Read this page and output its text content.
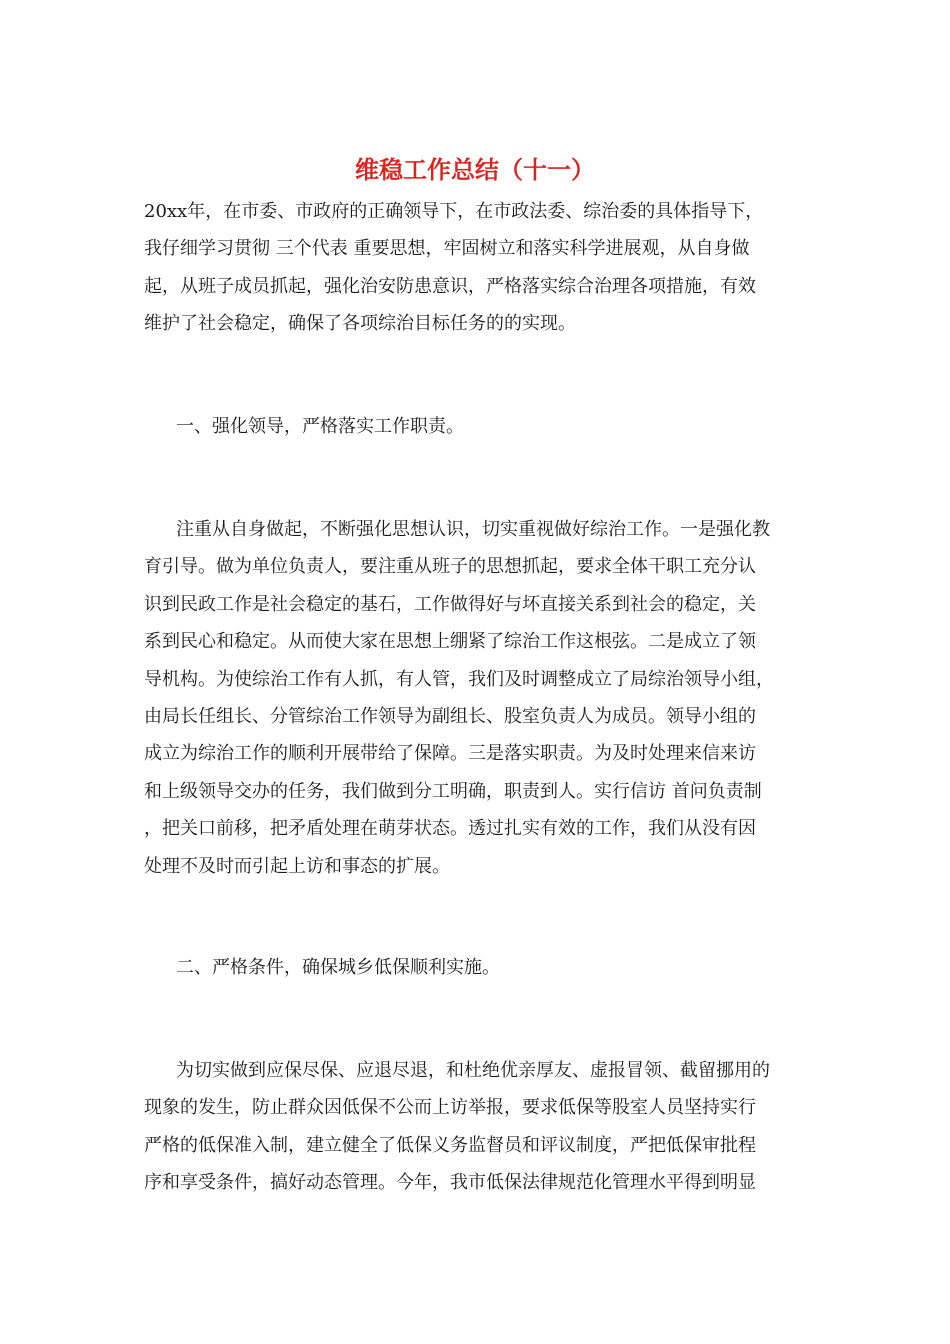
维稳工作总结（十一）
20xx年，在市委、市政府的正确领导下，在市政法委、综治委的具体指导下，
我仔细学习贯彻 三个代表 重要思想，牢固树立和落实科学进展观，从自身做
起，从班子成员抓起，强化治安防患意识，严格落实综合治理各项措施，有效
维护了社会稳定，确保了各项综治目标任务的的实现。

一、强化领导，严格落实工作职责。

注重从自身做起，不断强化思想认识，切实重视做好综治工作。一是强化教
育引导。做为单位负责人，要注重从班子的思想抓起，要求全体干职工充分认
识到民政工作是社会稳定的基石，工作做得好与坏直接关系到社会的稳定，关
系到民心和稳定。从而使大家在思想上绷紧了综治工作这根弦。二是成立了领
导机构。为使综治工作有人抓，有人管，我们及时调整成立了局综治领导小组，
由局长任组长、分管综治工作领导为副组长、股室负责人为成员。领导小组的
成立为综治工作的顺利开展带给了保障。三是落实职责。为及时处理来信来访
和上级领导交办的任务，我们做到分工明确，职责到人。实行信访 首问负责制
，把关口前移，把矛盾处理在萌芽状态。透过扎实有效的工作，我们从没有因
处理不及时而引起上访和事态的扩展。

二、严格条件，确保城乡低保顺利实施。

为切实做到应保尽保、应退尽退，和杜绝优亲厚友、虚报冒领、截留挪用的
现象的发生，防止群众因低保不公而上访举报，要求低保等股室人员坚持实行
严格的低保准入制，建立健全了低保义务监督员和评议制度，严把低保审批程
序和享受条件，搞好动态管理。今年，我市低保法律规范化管理水平得到明显
